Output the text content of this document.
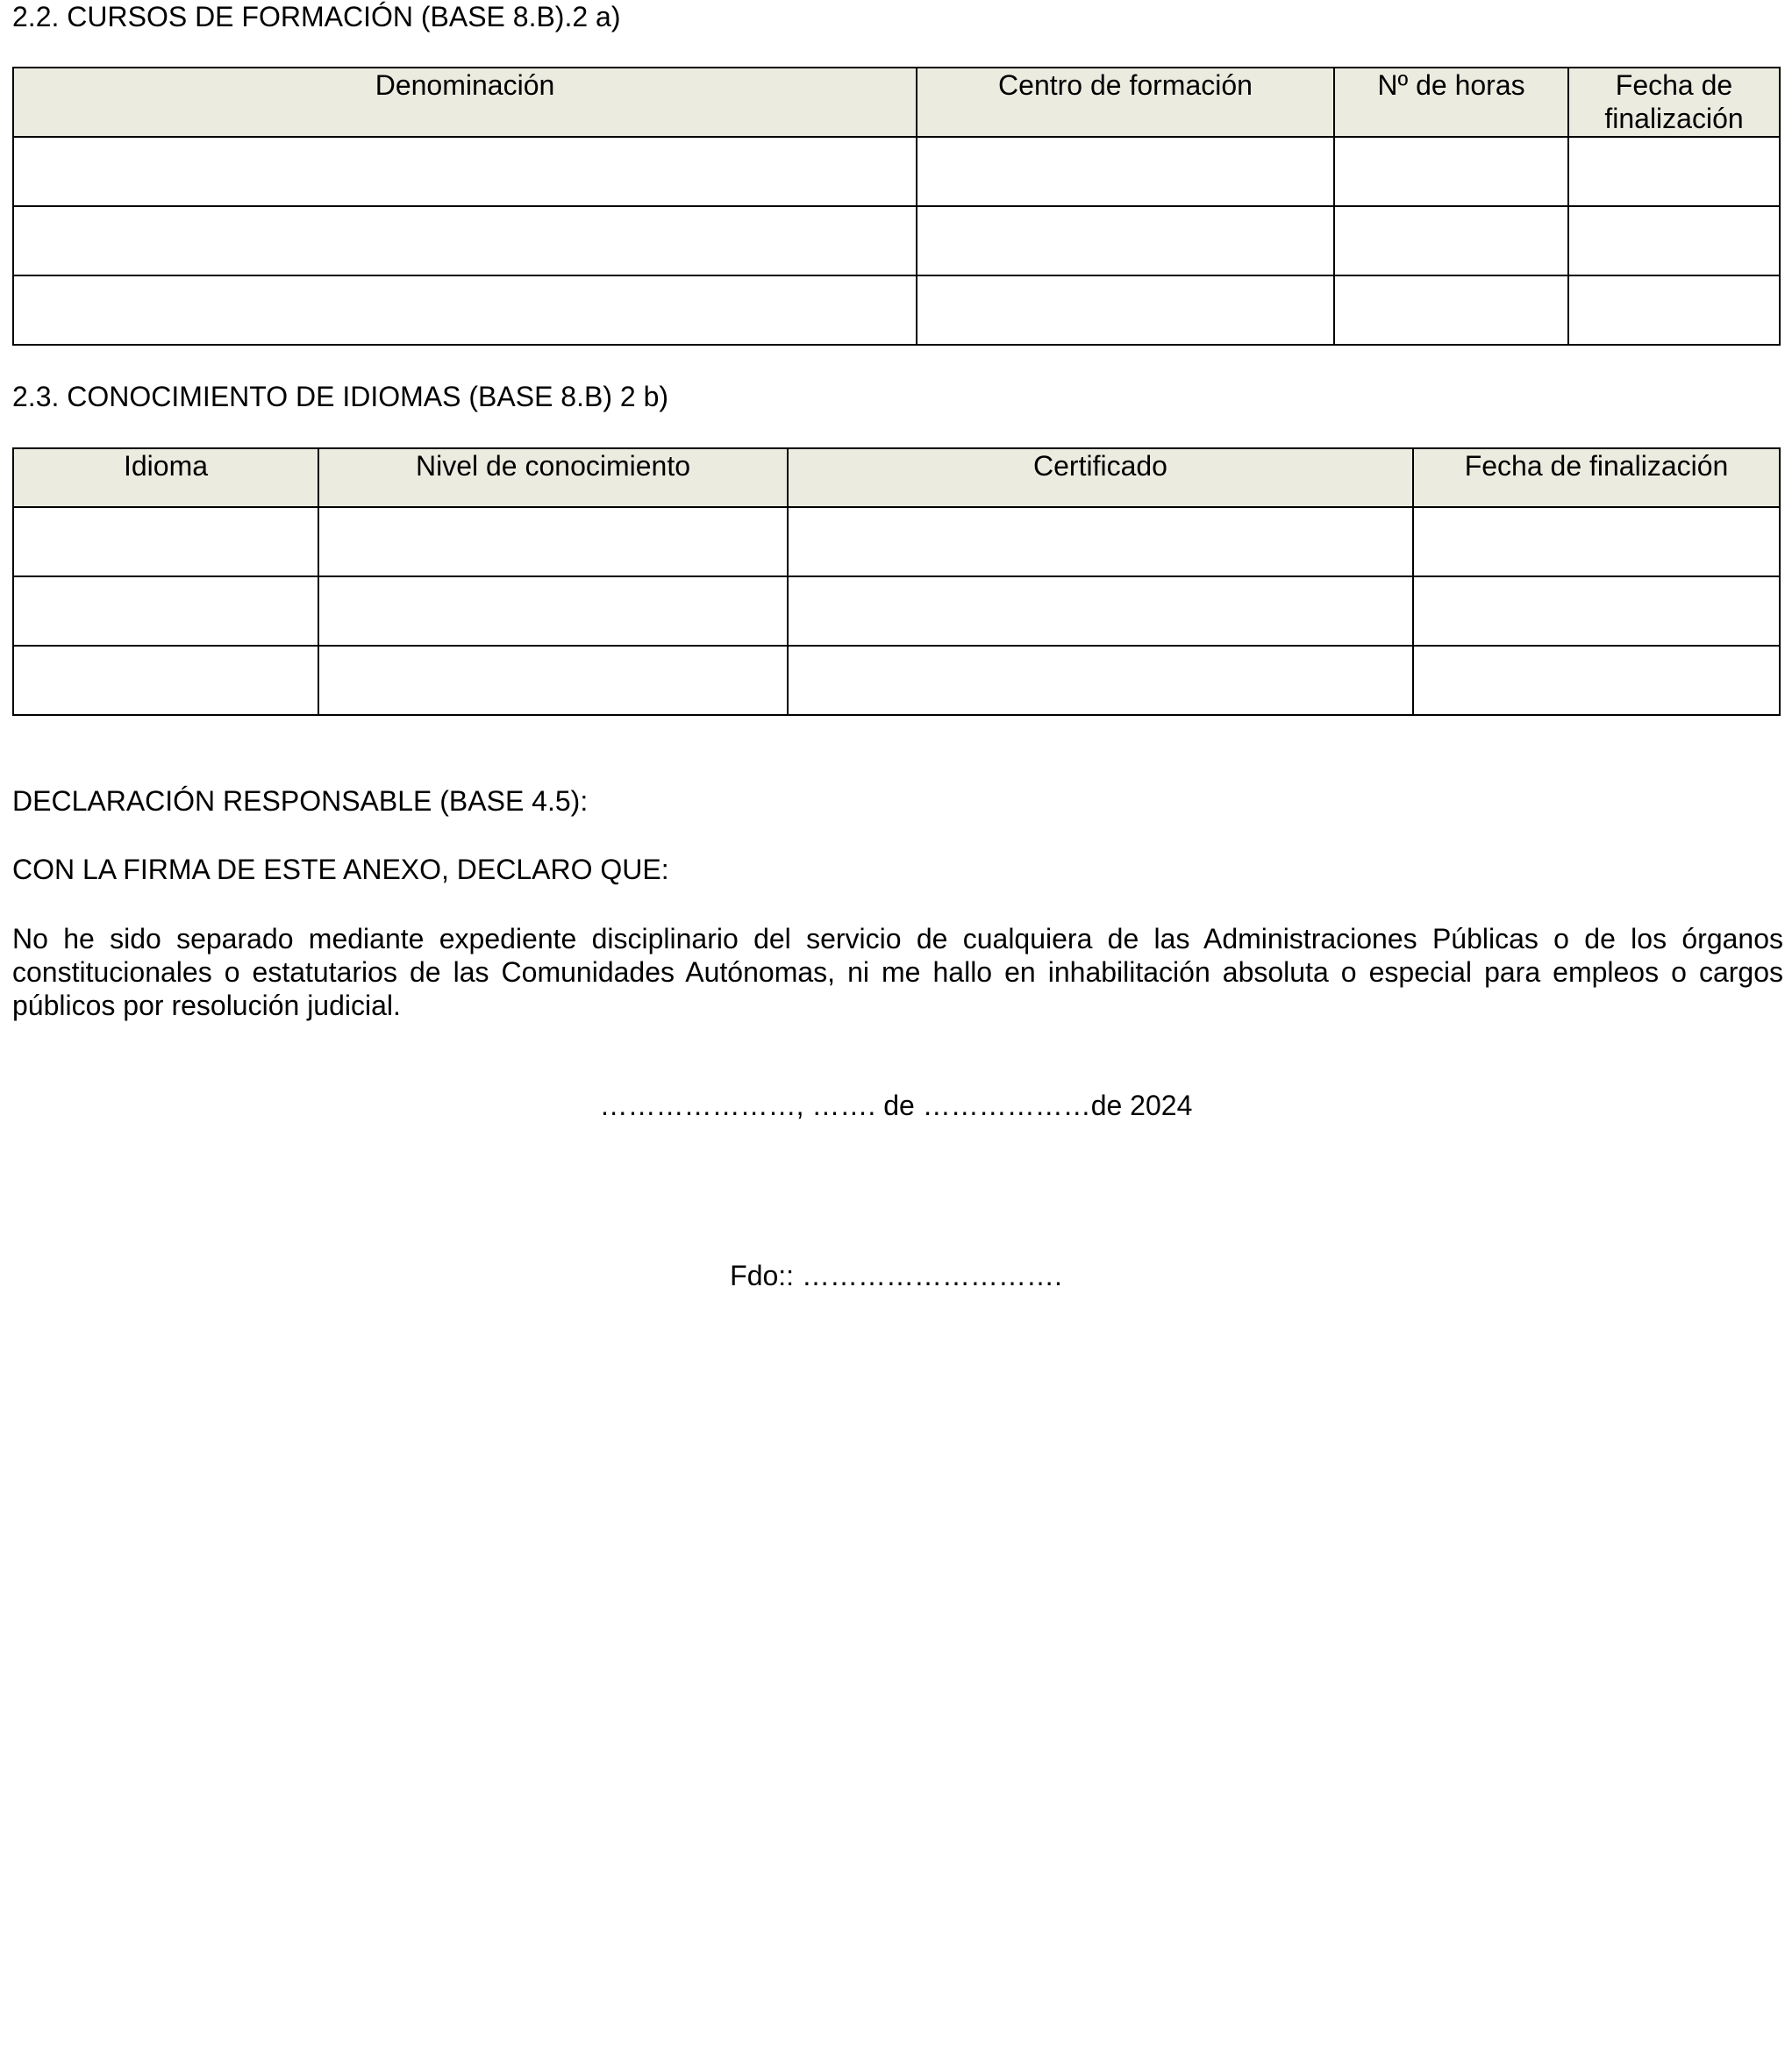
2.2. CURSOS DE FORMACIÓN (BASE 8.B).2 a)
Denominación	Centro de formación	Nº de horas	Fecha de finalización

2.3. CONOCIMIENTO DE IDIOMAS (BASE 8.B) 2 b)
Idioma	Nivel de conocimiento	Certificado	Fecha de finalización

DECLARACIÓN RESPONSABLE (BASE 4.5):
CON LA FIRMA DE ESTE ANEXO, DECLARO QUE:
No he sido separado mediante expediente disciplinario del servicio de cualquiera de las Administraciones Públicas o de los órganos constitucionales o estatutarios de las Comunidades Autónomas, ni me hallo en inhabilitación absoluta o especial para empleos o cargos públicos por resolución judicial.
…………………, ……. de ………………de 2024
Fdo:: ……………………….
